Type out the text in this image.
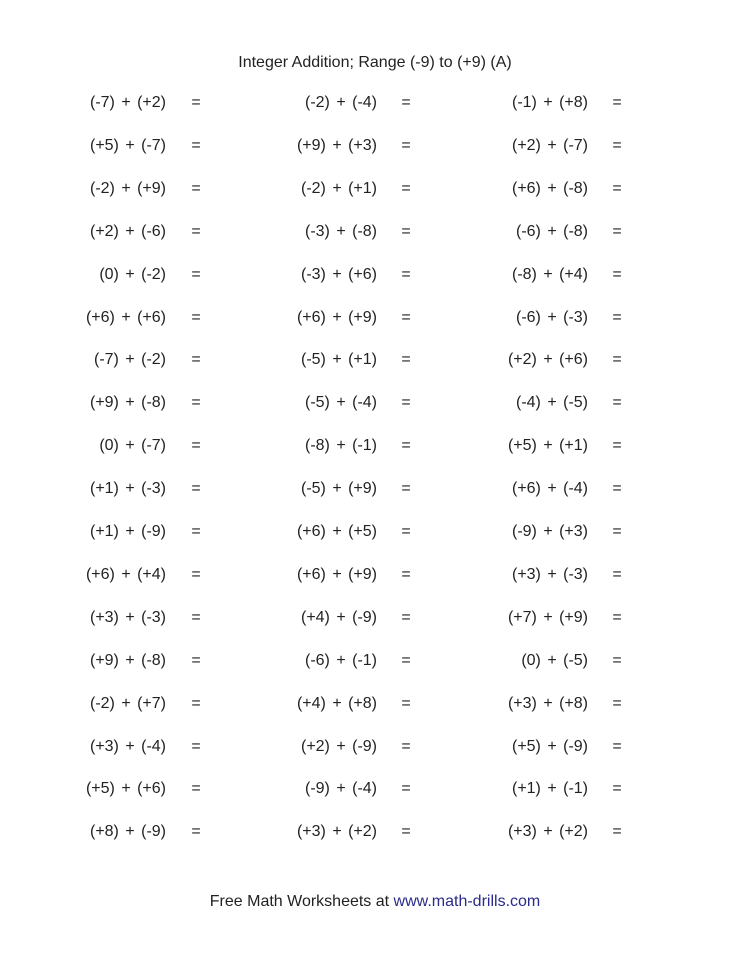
Integer Addition; Range (-9) to (+9) (A)
(-7) + (+2) =	(-2) + (-4) =	(-1) + (+8) =
(+5) + (-7) =	(+9) + (+3) =	(+2) + (-7) =
(-2) + (+9) =	(-2) + (+1) =	(+6) + (-8) =
(+2) + (-6) =	(-3) + (-8) =	(-6) + (-8) =
(0) + (-2) =	(-3) + (+6) =	(-8) + (+4) =
(+6) + (+6) =	(+6) + (+9) =	(-6) + (-3) =
(-7) + (-2) =	(-5) + (+1) =	(+2) + (+6) =
(+9) + (-8) =	(-5) + (-4) =	(-4) + (-5) =
(0) + (-7) =	(-8) + (-1) =	(+5) + (+1) =
(+1) + (-3) =	(-5) + (+9) =	(+6) + (-4) =
(+1) + (-9) =	(+6) + (+5) =	(-9) + (+3) =
(+6) + (+4) =	(+6) + (+9) =	(+3) + (-3) =
(+3) + (-3) =	(+4) + (-9) =	(+7) + (+9) =
(+9) + (-8) =	(-6) + (-1) =	(0) + (-5) =
(-2) + (+7) =	(+4) + (+8) =	(+3) + (+8) =
(+3) + (-4) =	(+2) + (-9) =	(+5) + (-9) =
(+5) + (+6) =	(-9) + (-4) =	(+1) + (-1) =
(+8) + (-9) =	(+3) + (+2) =	(+3) + (+2) =
Free Math Worksheets at www.math-drills.com
